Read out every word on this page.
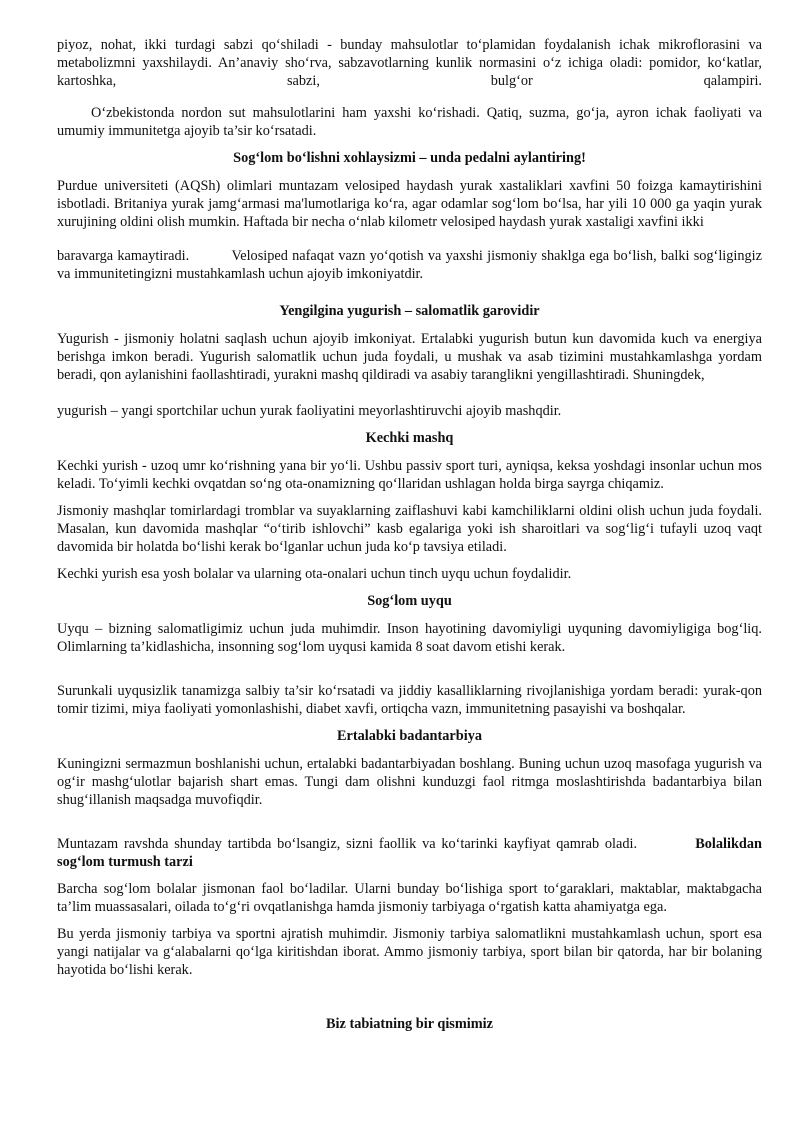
piyoz, nohat, ikki turdagi sabzi qo‘shiladi - bunday mahsulotlar to‘plamidan foydalanish ichak mikroflorasini va metabolizmni yaxshilaydi. An’anaviy sho‘rva, sabzavotlarning kunlik normasini o‘z ichiga oladi: pomidor, ko‘katlar, kartoshka, sabzi, bulg‘or qalampiri.

O‘zbekistonda nordon sut mahsulotlarini ham yaxshi ko‘rishadi. Qatiq, suzma, go‘ja, ayron ichak faoliyati va umumiy immunitetga ajoyib ta’sir ko‘rsatadi.

Sog‘lom bo‘lishni xohlaysizmi – unda pedalni aylantiring!

Purdue universiteti (AQSh) olimlari muntazam velosiped haydash yurak xastaliklari xavfini 50 foizga kamaytirishini isbotladi. Britaniya yurak jamg‘armasi ma'lumotlariga ko‘ra, agar odamlar sog‘lom bo‘lsa, har yili 10 000 ga yaqin yurak xurujining oldini olish mumkin. Haftada bir necha o‘nlab kilometr velosiped haydash yurak xastaligi xavfini ikki

baravarga kamaytiradi.	Velosiped nafaqat vazn yo‘qotish va yaxshi jismoniy shaklga ega bo‘lish, balki sog‘ligingiz va immunitetingizni mustahkamlash uchun ajoyib imkoniyatdir.

Yengilgina yugurish – salomatlik garovidir

Yugurish - jismoniy holatni saqlash uchun ajoyib imkoniyat. Ertalabki yugurish butun kun davomida kuch va energiya berishga imkon beradi. Yugurish salomatlik uchun juda foydali, u mushak va asab tizimini mustahkamlashga yordam beradi, qon aylanishini faollashtiradi, yurakni mashq qildiradi va asabiy taranglikni yengillashtiradi. Shuningdek,

yugurish – yangi sportchilar uchun yurak faoliyatini meyorlashtiruvchi ajoyib mashqdir.

Kechki mashq

Kechki yurish - uzoq umr ko‘rishning yana bir yo‘li. Ushbu passiv sport turi, ayniqsa, keksa yoshdagi insonlar uchun mos keladi. To‘yimli kechki ovqatdan so‘ng ota-onamizning qo‘llaridan ushlagan holda birga sayrga chiqamiz.

Jismoniy mashqlar tomirlardagi tromblar va suyaklarning zaiflashuvi kabi kamchiliklarni oldini olish uchun juda foydali. Masalan, kun davomida mashqlar “o‘tirib ishlovchi” kasb egalariga yoki ish sharoitlari va sog‘lig‘i tufayli uzoq vaqt davomida bir holatda bo‘lishi kerak bo‘lganlar uchun juda ko‘p tavsiya etiladi.

Kechki yurish esa yosh bolalar va ularning ota-onalari uchun tinch uyqu uchun foydalidir.

Sog‘lom uyqu

Uyqu – bizning salomatligimiz uchun juda muhimdir. Inson hayotining davomiyligi uyquning davomiyligiga bog‘liq. Olimlarning ta’kidlashicha, insonning sog‘lom uyqusi kamida 8 soat davom etishi kerak.

Surunkali uyqusizlik tanamizga salbiy ta’sir ko‘rsatadi va jiddiy kasalliklarning rivojlanishiga yordam beradi: yurak-qon tomir tizimi, miya faoliyati yomonlashishi, diabet xavfi, ortiqcha vazn, immunitetning pasayishi va boshqalar.

Ertalabki badantarbiya

Kuningizni sermazmun boshlanishi uchun, ertalabki badantarbiyadan boshlang. Buning uchun uzoq masofaga yugurish va og‘ir mashg‘ulotlar bajarish shart emas. Tungi dam olishni kunduzgi faol ritmga moslashtirishda badantarbiya bilan shug‘illanish maqsadga muvofiqdir.

Muntazam ravshda shunday tartibda bo‘lsangiz, sizni faollik va ko‘tarinki kayfiyat qamrab oladi.	Bolalikdan sog‘lom turmush tarzi

Barcha sog‘lom bolalar jismonan faol bo‘ladilar. Ularni bunday bo‘lishiga sport to‘garaklari, maktablar, maktabgacha ta’lim muassasalari, oilada to‘g‘ri ovqatlanishga hamda jismoniy tarbiyaga o‘rgatish katta ahamiyatga ega.

Bu yerda jismoniy tarbiya va sportni ajratish muhimdir. Jismoniy tarbiya salomatlikni mustahkamlash uchun, sport esa yangi natijalar va g‘alabalarni qo‘lga kiritishdan iborat. Ammo jismoniy tarbiya, sport bilan bir qatorda, har bir bolaning hayotida bo‘lishi kerak.

Biz tabiatning bir qismimiz
